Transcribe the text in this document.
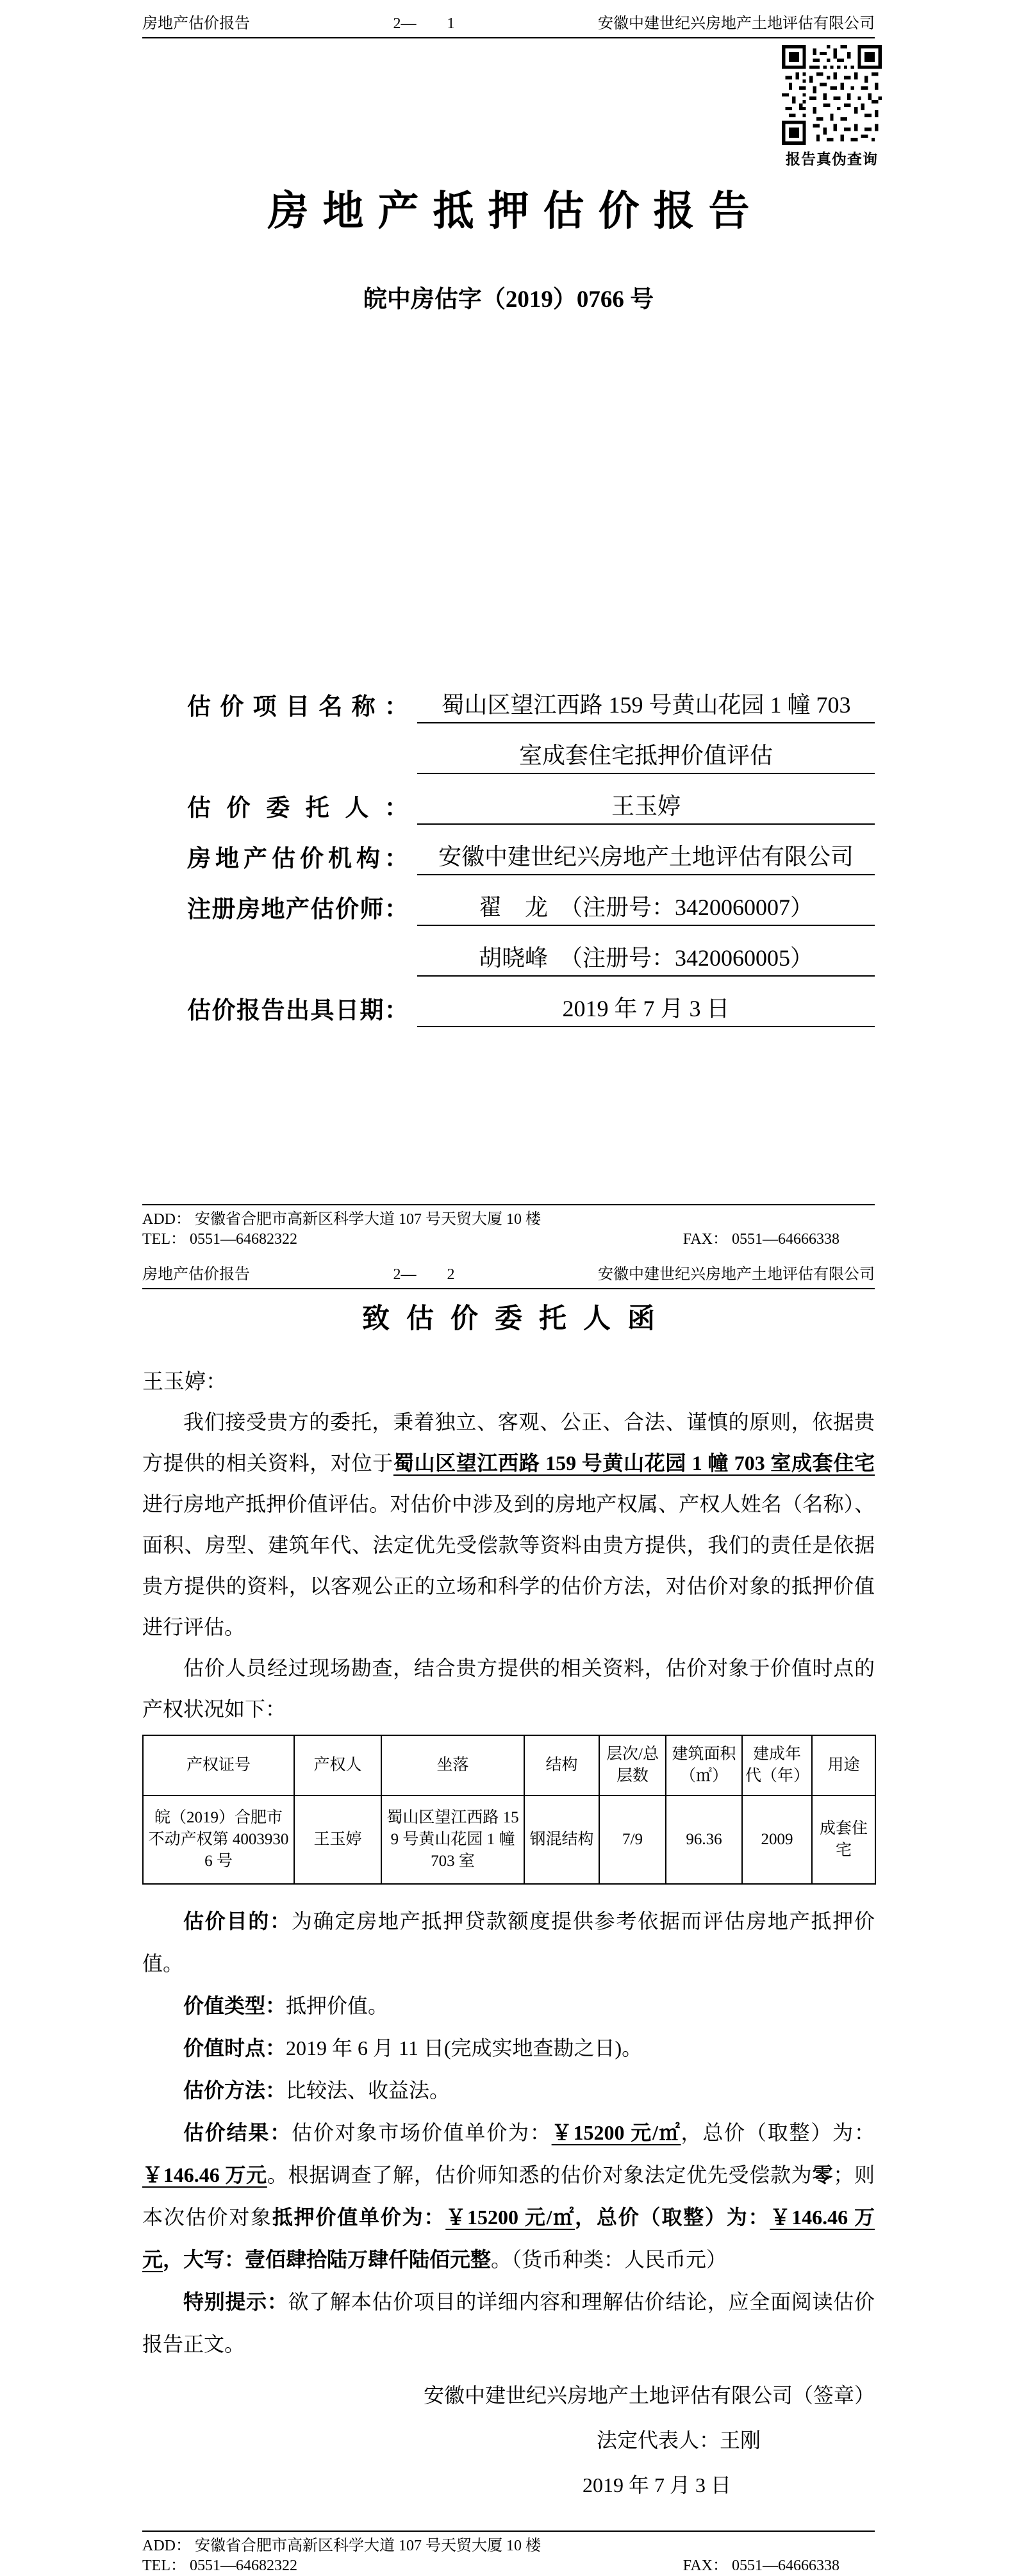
房地产估价报告	2— 1	安徽中建世纪兴房地产土地评估有限公司
报告真伪查询
房地产抵押估价报告
皖中房估字（2019）0766 号
估价项目名称：	蜀山区望江西路 159 号黄山花园 1 幢 703
室成套住宅抵押价值评估
估价委托人：	王玉婷
房地产估价机构：	安徽中建世纪兴房地产土地评估有限公司
注册房地产估价师：	翟　龙　（注册号：3420060007）
胡晓峰　（注册号：3420060005）
估价报告出具日期：	2019 年 7 月 3 日
ADD： 安徽省合肥市高新区科学大道 107 号天贸大厦 10 楼
TEL： 0551—64682322	FAX： 0551—64666338
房地产估价报告	2— 2	安徽中建世纪兴房地产土地评估有限公司
致估价委托人函
王玉婷：

我们接受贵方的委托，秉着独立、客观、公正、合法、谨慎的原则，依据贵方提供的相关资料，对位于蜀山区望江西路 159 号黄山花园 1 幢 703 室成套住宅进行房地产抵押价值评估。对估价中涉及到的房地产权属、产权人姓名（名称）、面积、房型、建筑年代、法定优先受偿款等资料由贵方提供，我们的责任是依据贵方提供的资料，以客观公正的立场和科学的估价方法，对估价对象的抵押价值进行评估。

估价人员经过现场勘查，结合贵方提供的相关资料，估价对象于价值时点的产权状况如下：

产权证号	产权人	坐落	结构	层次/总层数	建筑面积（㎡）	建成年代（年）	用途
皖（2019）合肥市不动产权第 40039306 号	王玉婷	蜀山区望江西路 159 号黄山花园 1 幢 703 室	钢混结构	7/9	96.36	2009	成套住宅

估价目的：为确定房地产抵押贷款额度提供参考依据而评估房地产抵押价值。

价值类型：抵押价值。

价值时点：2019 年 6 月 11 日(完成实地查勘之日)。

估价方法：比较法、收益法。

估价结果：估价对象市场价值单价为：￥15200 元/㎡，总价（取整）为：￥146.46 万元。根据调查了解，估价师知悉的估价对象法定优先受偿款为零；则本次估价对象抵押价值单价为：￥15200 元/㎡，总价（取整）为：￥146.46 万元，大写：壹佰肆拾陆万肆仟陆佰元整。（货币种类：人民币元）

特别提示：欲了解本估价项目的详细内容和理解估价结论，应全面阅读估价报告正文。

安徽中建世纪兴房地产土地评估有限公司（签章）
法定代表人：王刚
2019 年 7 月 3 日
ADD： 安徽省合肥市高新区科学大道 107 号天贸大厦 10 楼
TEL： 0551—64682322	FAX： 0551—64666338
